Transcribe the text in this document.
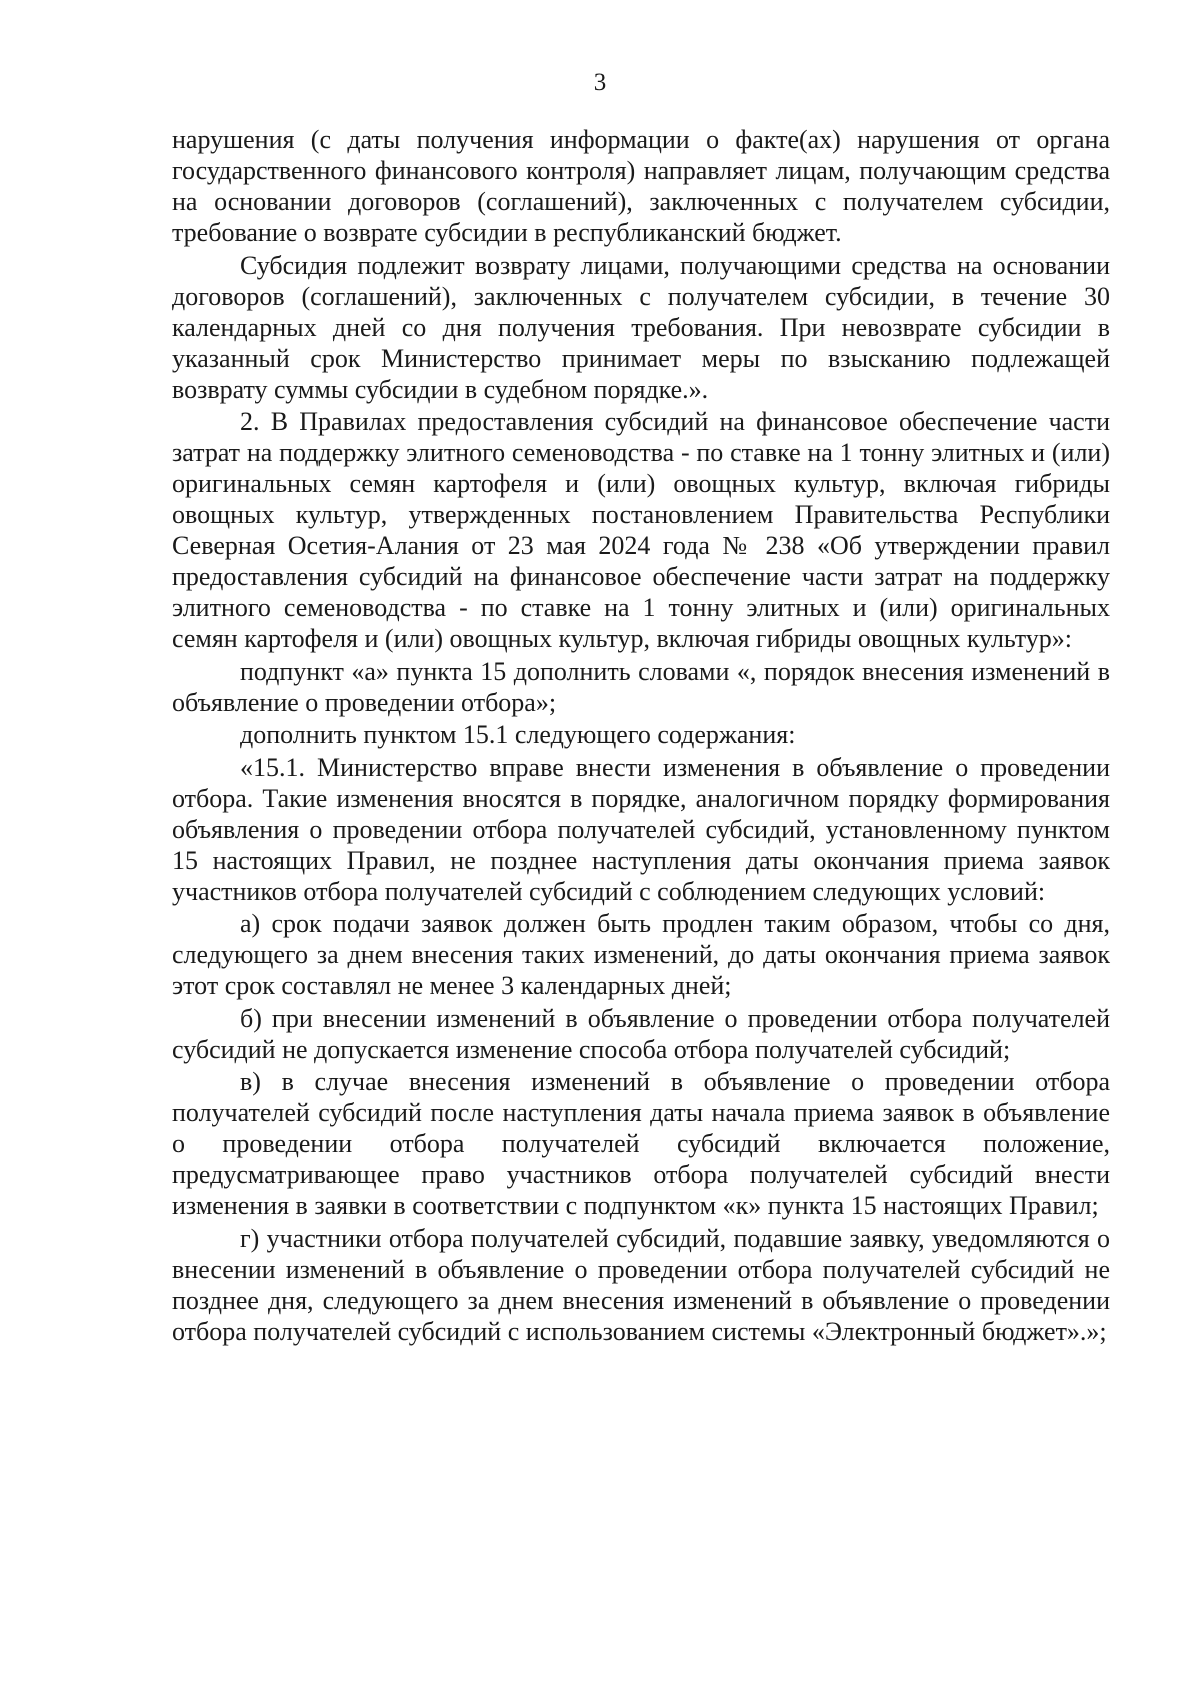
3

нарушения (с даты получения информации о факте(ах) нарушения от органа государственного финансового контроля) направляет лицам, получающим средства на основании договоров (соглашений), заключенных с получателем субсидии, требование о возврате субсидии в республиканский бюджет.

Субсидия подлежит возврату лицами, получающими средства на основании договоров (соглашений), заключенных с получателем субсидии, в течение 30 календарных дней со дня получения требования. При невозврате субсидии в указанный срок Министерство принимает меры по взысканию подлежащей возврату суммы субсидии в судебном порядке.».

2. В Правилах предоставления субсидий на финансовое обеспечение части затрат на поддержку элитного семеноводства - по ставке на 1 тонну элитных и (или) оригинальных семян картофеля и (или) овощных культур, включая гибриды овощных культур, утвержденных постановлением Правительства Республики Северная Осетия-Алания от 23 мая 2024 года № 238 «Об утверждении правил предоставления субсидий на финансовое обеспечение части затрат на поддержку элитного семеноводства - по ставке на 1 тонну элитных и (или) оригинальных семян картофеля и (или) овощных культур, включая гибриды овощных культур»:

подпункт «а» пункта 15 дополнить словами «, порядок внесения изменений в объявление о проведении отбора»;

дополнить пунктом 15.1 следующего содержания:

«15.1. Министерство вправе внести изменения в объявление о проведении отбора. Такие изменения вносятся в порядке, аналогичном порядку формирования объявления о проведении отбора получателей субсидий, установленному пунктом 15 настоящих Правил, не позднее наступления даты окончания приема заявок участников отбора получателей субсидий с соблюдением следующих условий:

а) срок подачи заявок должен быть продлен таким образом, чтобы со дня, следующего за днем внесения таких изменений, до даты окончания приема заявок этот срок составлял не менее 3 календарных дней;

б) при внесении изменений в объявление о проведении отбора получателей субсидий не допускается изменение способа отбора получателей субсидий;

в) в случае внесения изменений в объявление о проведении отбора получателей субсидий после наступления даты начала приема заявок в объявление о проведении отбора получателей субсидий включается положение, предусматривающее право участников отбора получателей субсидий внести изменения в заявки в соответствии с подпунктом «к» пункта 15 настоящих Правил;

г) участники отбора получателей субсидий, подавшие заявку, уведомляются о внесении изменений в объявление о проведении отбора получателей субсидий не позднее дня, следующего за днем внесения изменений в объявление о проведении отбора получателей субсидий с использованием системы «Электронный бюджет».»;
